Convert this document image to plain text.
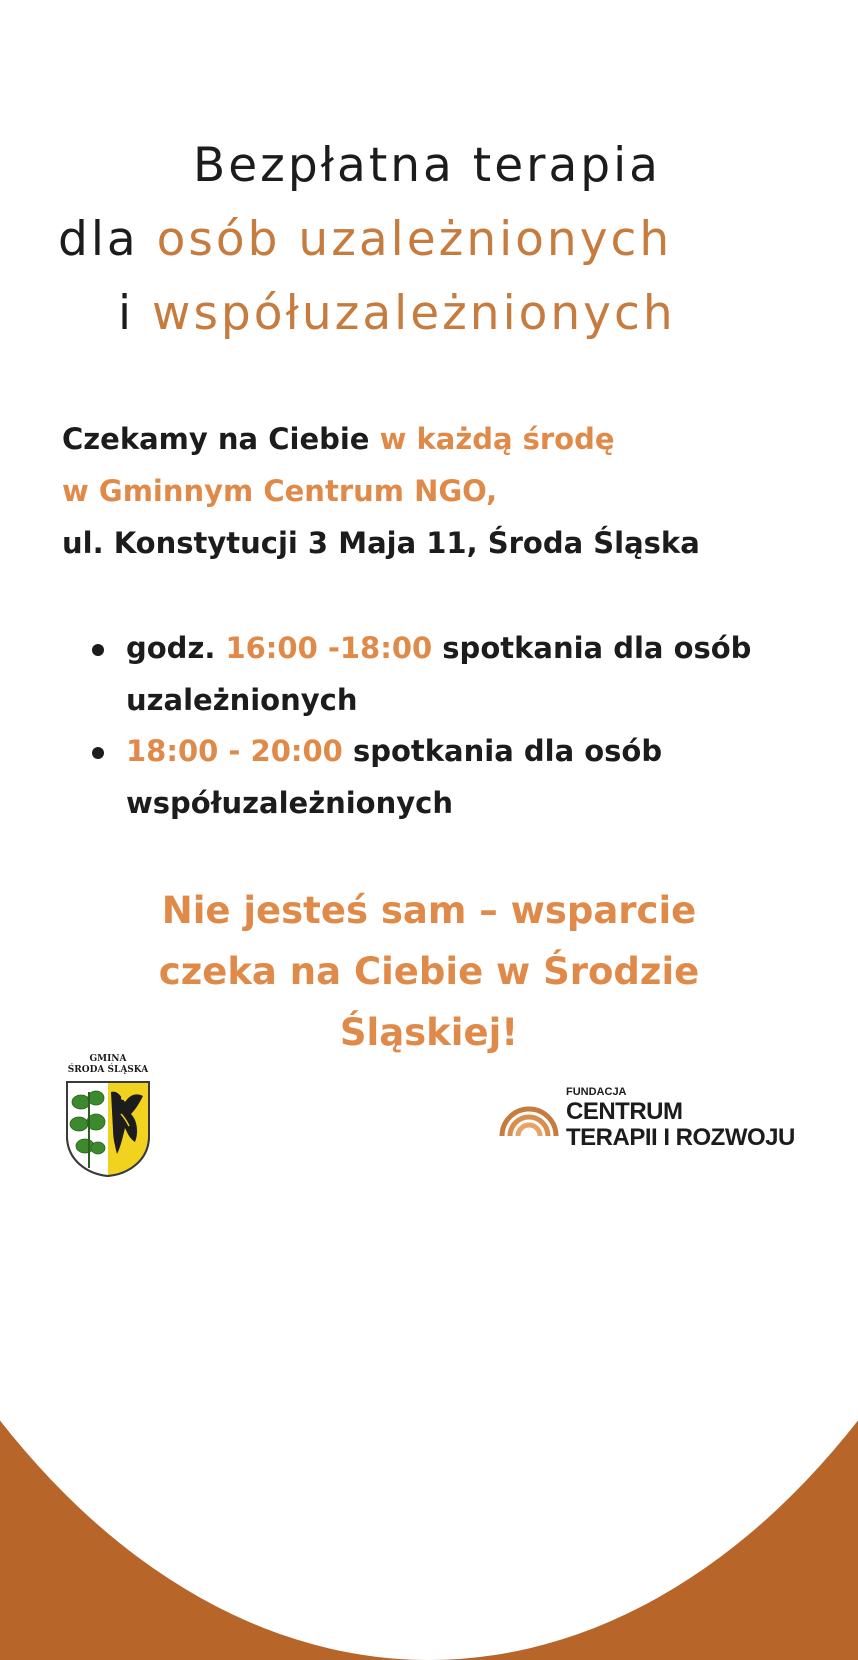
Bezpłatna terapia
dla osób uzależnionych
i współuzależnionych
Czekamy na Ciebie w każdą środę
w Gminnym Centrum NGO,
ul. Konstytucji 3 Maja 11, Środa Śląska
godz. 16:00 -18:00 spotkania dla osób uzależnionych
18:00 - 20:00 spotkania dla osób współuzależnionych
Nie jesteś sam – wsparcie czeka na Ciebie w Środzie Śląskiej!
GMINA
ŚRODA ŚLĄSKA
FUNDACJA
CENTRUM
TERAPII I ROZWOJU
